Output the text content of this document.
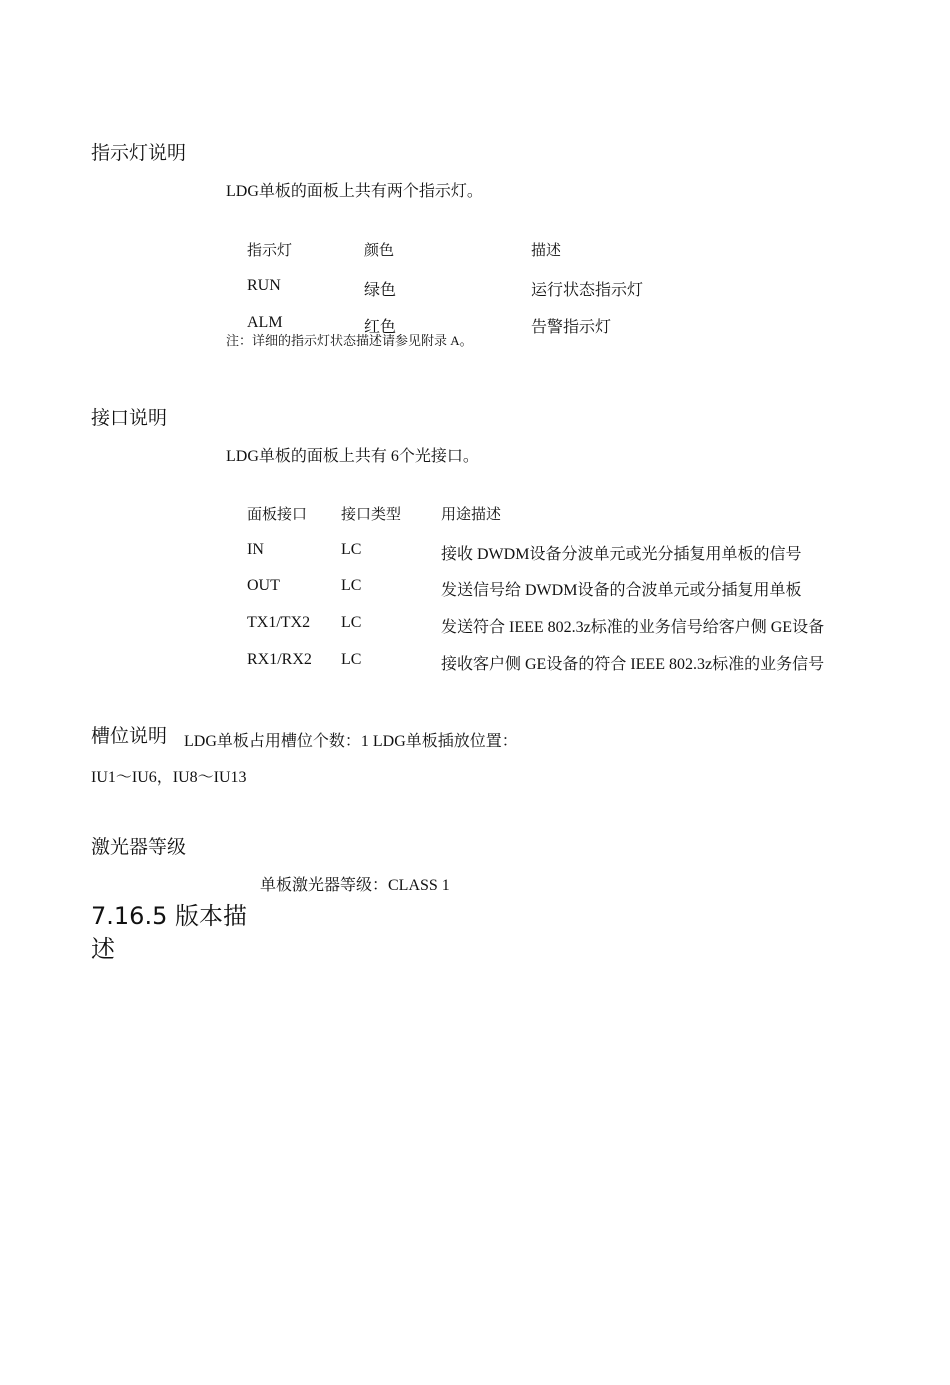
指示灯说明
LDG单板的面板上共有两个指示灯。
指示灯	颜色	描述
RUN	绿色	运行状态指示灯
ALM	红色	告警指示灯
注：详细的指示灯状态描述请参见附录 A。
接口说明
LDG单板的面板上共有 6个光接口。
面板接口 接口类型	用途描述
IN	LC	接收 DWDM设备分波单元或光分插复用单板的信号
OUT	LC	发送信号给 DWDM设备的合波单元或分插复用单板
TX1/TX2 LC	发送符合 IEEE 802.3z标准的业务信号给客户侧 GE设备
RX1/RX2 LC	接收客户侧 GE设备的符合 IEEE 802.3z标准的业务信号
槽位说明 LDG单板占用槽位个数：1 LDG单板插放位置：
IU1～IU6，IU8～IU13
激光器等级
单板激光器等级：CLASS 1
7.16.5 版本描述
